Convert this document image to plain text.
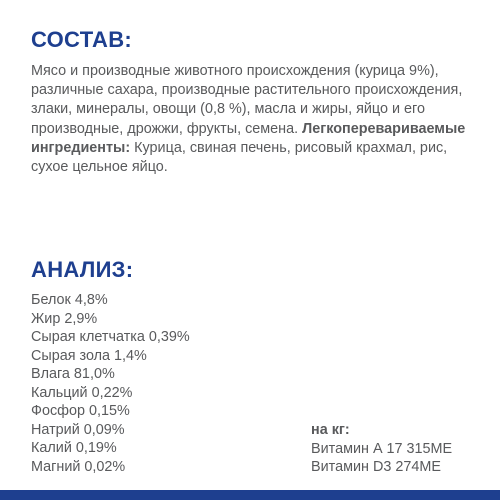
СОСТАВ:

Мясо и производные животного происхождения (курица 9%), различные сахара, производные растительного происхождения, злаки, минералы, овощи (0,8 %), масла и жиры, яйцо и его производные, дрожжи, фрукты, семена. Легкоперевариваемые ингредиенты: Курица, свиная печень, рисовый крахмал, рис, сухое цельное яйцо.

АНАЛИЗ:
Белок 4,8%
Жир 2,9%
Сырая клетчатка 0,39%
Сырая зола 1,4%
Влага 81,0%
Кальций 0,22%
Фосфор 0,15%
Натрий 0,09%
Калий 0,19%
Магний 0,02%
на кг:
Витамин А 17 315МЕ
Витамин D3 274МЕ
